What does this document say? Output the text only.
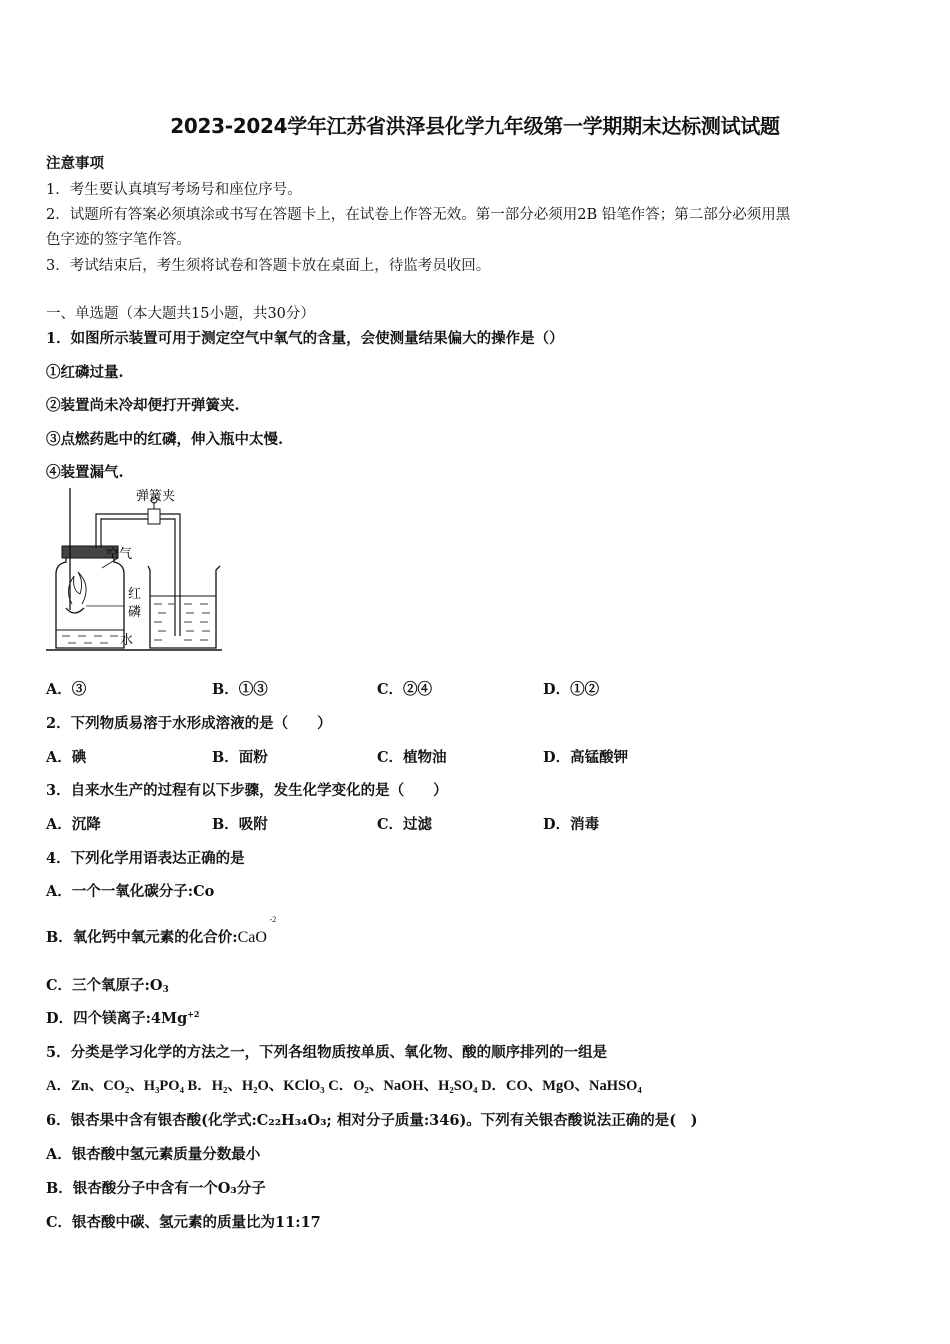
2023-2024学年江苏省洪泽县化学九年级第一学期期末达标测试试题
注意事项
1．考生要认真填写考场号和座位序号。
2．试题所有答案必须填涂或书写在答题卡上，在试卷上作答无效。第一部分必须用2B 铅笔作答；第二部分必须用黑
色字迹的签字笔作答。
3．考试结束后，考生须将试卷和答题卡放在桌面上，待监考员收回。
一、单选题（本大题共15小题，共30分）
1．如图所示装置可用于测定空气中氧气的含量，会使测量结果偏大的操作是（）
①红磷过量.
②装置尚未冷却便打开弹簧夹.
③点燃药匙中的红磷，伸入瓶中太慢.
④装置漏气.
弹簧夹
空气
红
磷
水
A．③	B．①③	C．②④	D．①②
2．下列物质易溶于水形成溶液的是（　　）
A．碘	B．面粉	C．植物油	D．高锰酸钾
3．自来水生产的过程有以下步骤，发生化学变化的是（　　）
A．沉降	B．吸附	C．过滤	D．消毒
4．下列化学用语表达正确的是
A．一个一氧化碳分子:Co
B．氧化钙中氧元素的化合价:CaO
-2
C．三个氧原子$:O_3$
D．四个镁离子$:4Mg^{+2}$
5．分类是学习化学的方法之一，下列各组物质按单质、氧化物、酸的顺序排列的一组是
A．Zn、CO₂、H₃PO₄ B．H₂、H₂O、KClO₃ C．O₂、NaOH、H₂SO₄ D．CO、MgO、NaHSO₄
6．银杏果中含有银杏酸(化学式:C₂₂H₃₄O₃; 相对分子质量:346)。下列有关银杏酸说法正确的是(　)
A．银杏酸中氢元素质量分数最小
B．银杏酸分子中含有一个O₃分子
C．银杏酸中碳、氢元素的质量比为11:17
